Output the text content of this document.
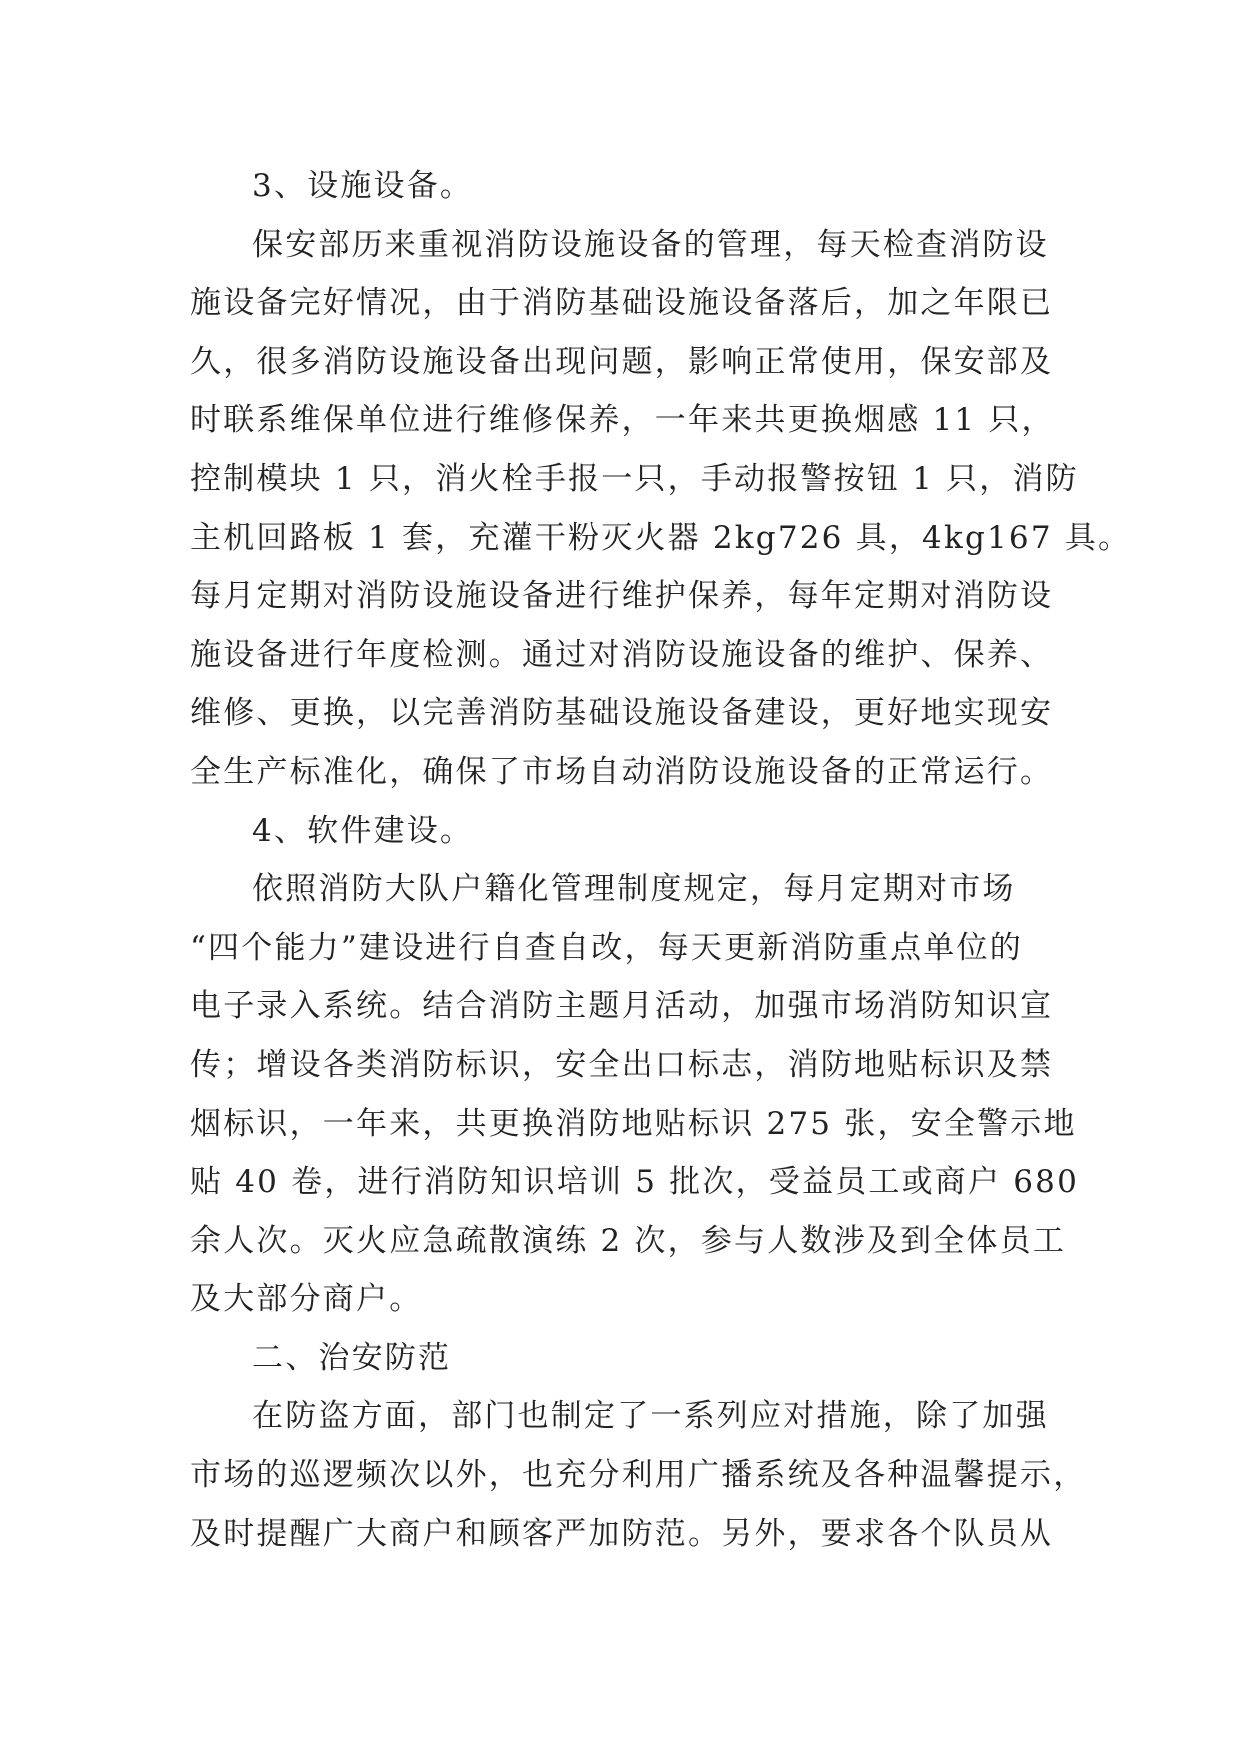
3、设施设备。
保安部历来重视消防设施设备的管理，每天检查消防设
施设备完好情况，由于消防基础设施设备落后，加之年限已
久，很多消防设施设备出现问题，影响正常使用，保安部及
时联系维保单位进行维修保养，一年来共更换烟感 11 只，
控制模块 1 只，消火栓手报一只，手动报警按钮 1 只，消防
主机回路板 1 套，充灌干粉灭火器 2kg726 具，4kg167 具。
每月定期对消防设施设备进行维护保养，每年定期对消防设
施设备进行年度检测。通过对消防设施设备的维护、保养、
维修、更换，以完善消防基础设施设备建设，更好地实现安
全生产标准化，确保了市场自动消防设施设备的正常运行。
4、软件建设。
依照消防大队户籍化管理制度规定，每月定期对市场
“四个能力”建设进行自查自改，每天更新消防重点单位的
电子录入系统。结合消防主题月活动，加强市场消防知识宣
传；增设各类消防标识，安全出口标志，消防地贴标识及禁
烟标识，一年来，共更换消防地贴标识 275 张，安全警示地
贴 40 卷，进行消防知识培训 5 批次，受益员工或商户 680
余人次。灭火应急疏散演练 2 次，参与人数涉及到全体员工
及大部分商户。
二、治安防范
在防盗方面，部门也制定了一系列应对措施，除了加强
市场的巡逻频次以外，也充分利用广播系统及各种温馨提示，
及时提醒广大商户和顾客严加防范。另外，要求各个队员从
